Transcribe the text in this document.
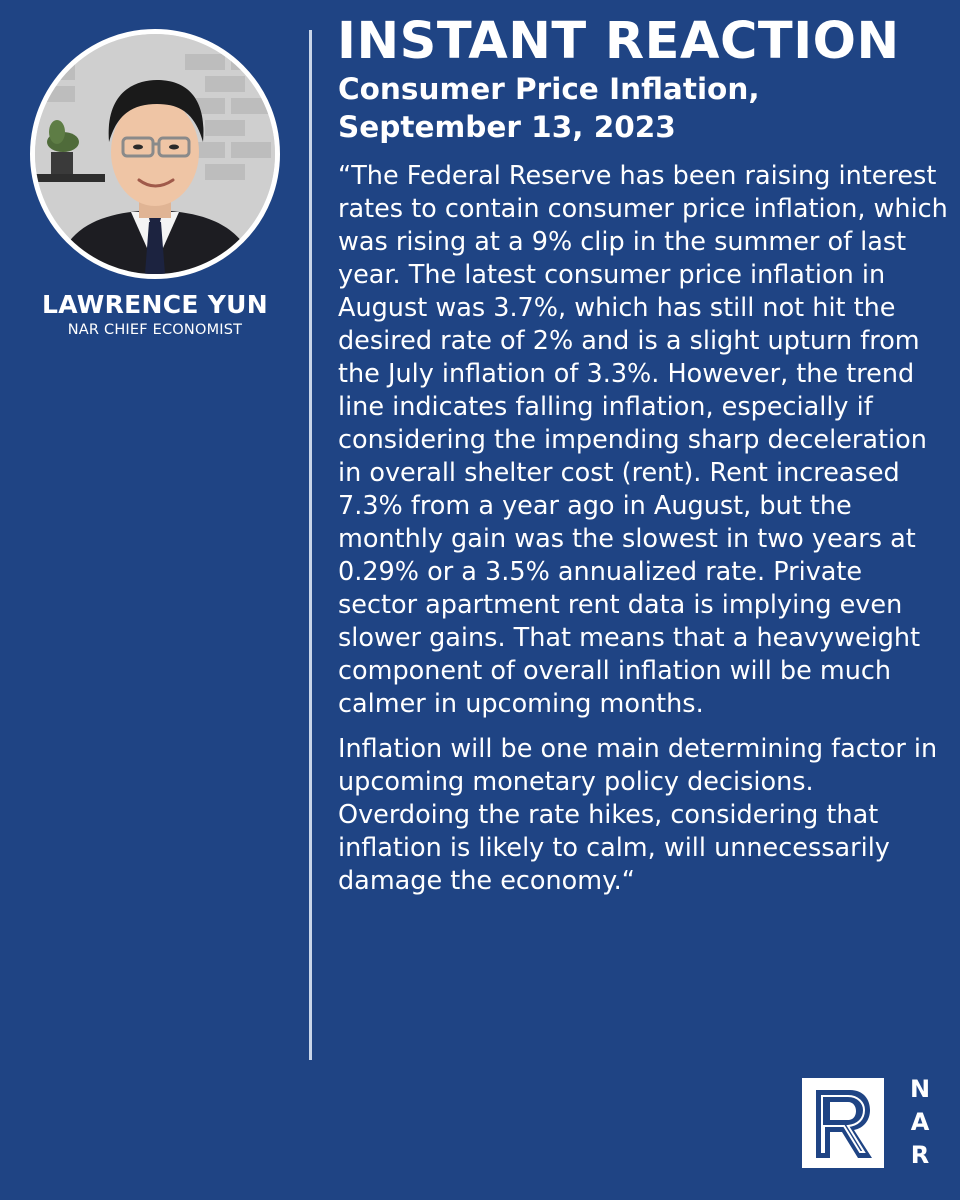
LAWRENCE YUN
NAR CHIEF ECONOMIST
INSTANT REACTION
Consumer Price Inflation,
September 13, 2023

“The Federal Reserve has been raising interest rates to contain consumer price inflation, which was rising at a 9% clip in the summer of last year. The latest consumer price inflation in August was 3.7%, which has still not hit the desired rate of 2% and is a slight upturn from the July inflation of 3.3%. However, the trend line indicates falling inflation, especially if considering the impending sharp deceleration in overall shelter cost (rent). Rent increased 7.3% from a year ago in August, but the monthly gain was the slowest in two years at 0.29% or a 3.5% annualized rate. Private sector apartment rent data is implying even slower gains. That means that a heavyweight component of overall inflation will be much calmer in upcoming months.

Inflation will be one main determining factor in upcoming monetary policy decisions. Overdoing the rate hikes, considering that inflation is likely to calm, will unnecessarily damage the economy.“

N
A
R
